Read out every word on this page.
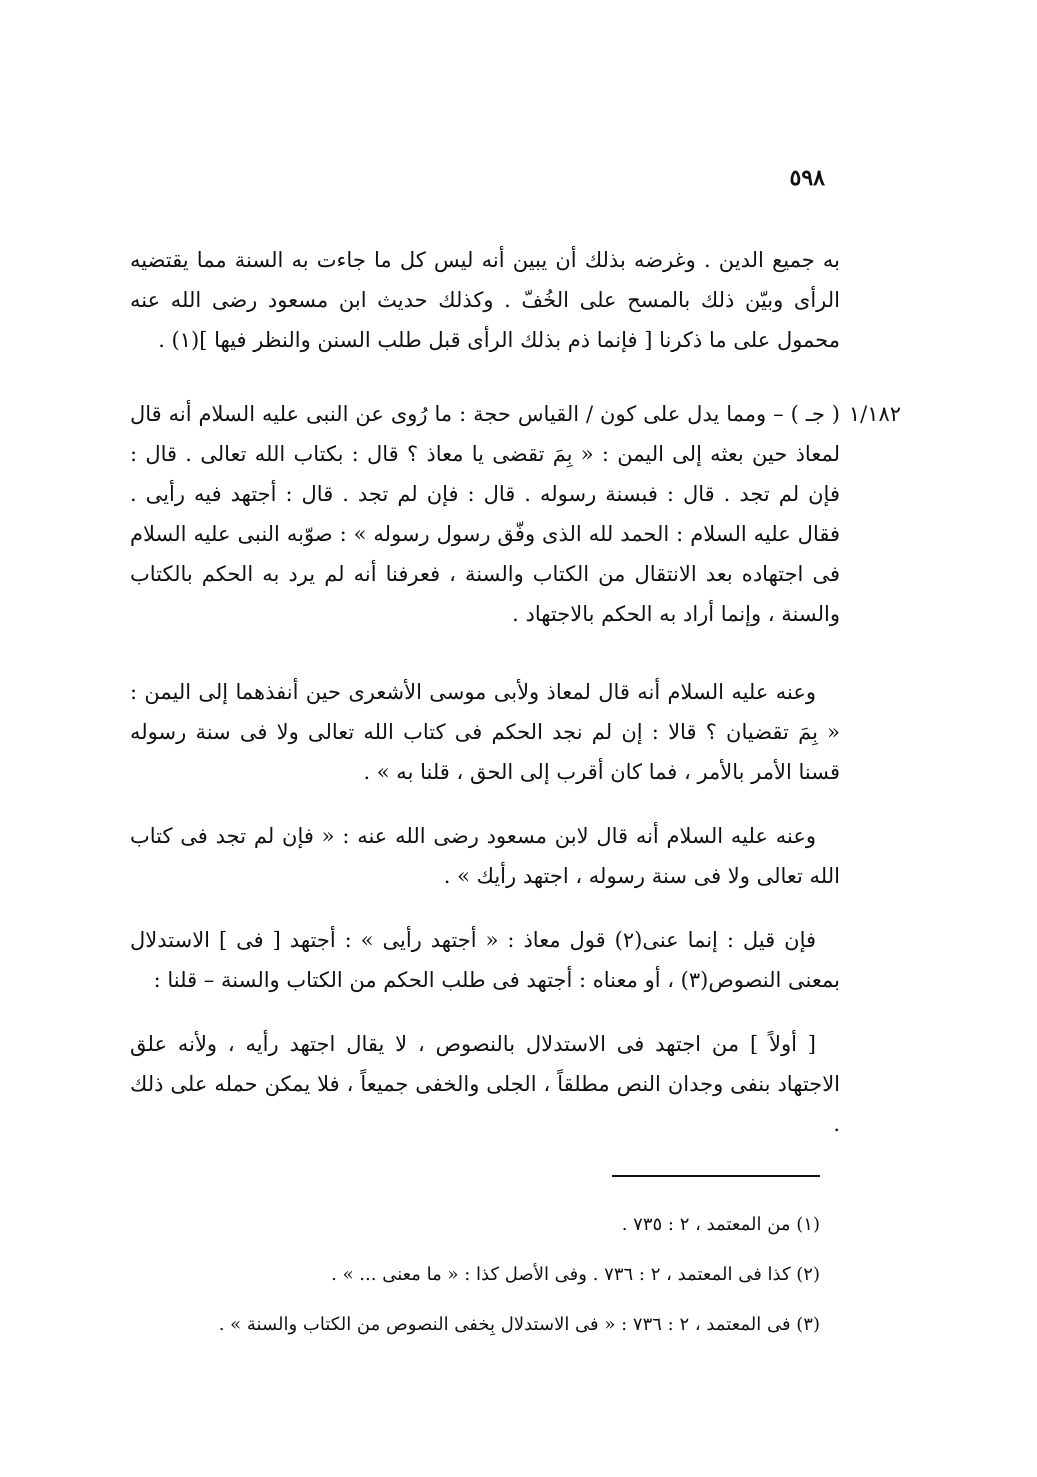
٥٩٨
١/١٨٢

به جميع الدين . وغرضه بذلك أن يبين أنه ليس كل ما جاءت به السنة مما يقتضيه الرأى وبيّن ذلك بالمسح على الخُفّ . وكذلك حديث ابن مسعود رضى الله عنه محمول على ما ذكرنا [ فإنما ذم بذلك الرأى قبل طلب السنن والنظر فيها ](١) .

( جـ ) – ومما يدل على كون / القياس حجة : ما رُوى عن النبى عليه السلام أنه قال لمعاذ حين بعثه إلى اليمن : « بِمَ تقضى يا معاذ ؟ قال : بكتاب الله تعالى . قال : فإن لم تجد . قال : فبسنة رسوله . قال : فإن لم تجد . قال : أجتهد فيه رأيى . فقال عليه السلام : الحمد لله الذى وفّق رسول رسوله » : صوّبه النبى عليه السلام فى اجتهاده بعد الانتقال من الكتاب والسنة ، فعرفنا أنه لم يرد به الحكم بالكتاب والسنة ، وإنما أراد به الحكم بالاجتهاد .

وعنه عليه السلام أنه قال لمعاذ ولأبى موسى الأشعرى حين أنفذهما إلى اليمن : « بِمَ تقضيان ؟ قالا : إن لم نجد الحكم فى كتاب الله تعالى ولا فى سنة رسوله قسنا الأمر بالأمر ، فما كان أقرب إلى الحق ، قلنا به » .

وعنه عليه السلام أنه قال لابن مسعود رضى الله عنه : « فإن لم تجد فى كتاب الله تعالى ولا فى سنة رسوله ، اجتهد رأيك » .

فإن قيل : إنما عنى(٢) قول معاذ : « أجتهد رأيى » : أجتهد [ فى ] الاستدلال بمعنى النصوص(٣) ، أو معناه : أجتهد فى طلب الحكم من الكتاب والسنة – قلنا :

[ أولاً ] من اجتهد فى الاستدلال بالنصوص ، لا يقال اجتهد رأيه ، ولأنه علق الاجتهاد بنفى وجدان النص مطلقاً ، الجلى والخفى جميعاً ، فلا يمكن حمله على ذلك .

(١) من المعتمد ، ٢ : ٧٣٥ .

(٢) كذا فى المعتمد ، ٢ : ٧٣٦ . وفى الأصل كذا : « ما معنى ... » .

(٣) فى المعتمد ، ٢ : ٧٣٦ : « فى الاستدلال بِخفى النصوص من الكتاب والسنة » .
